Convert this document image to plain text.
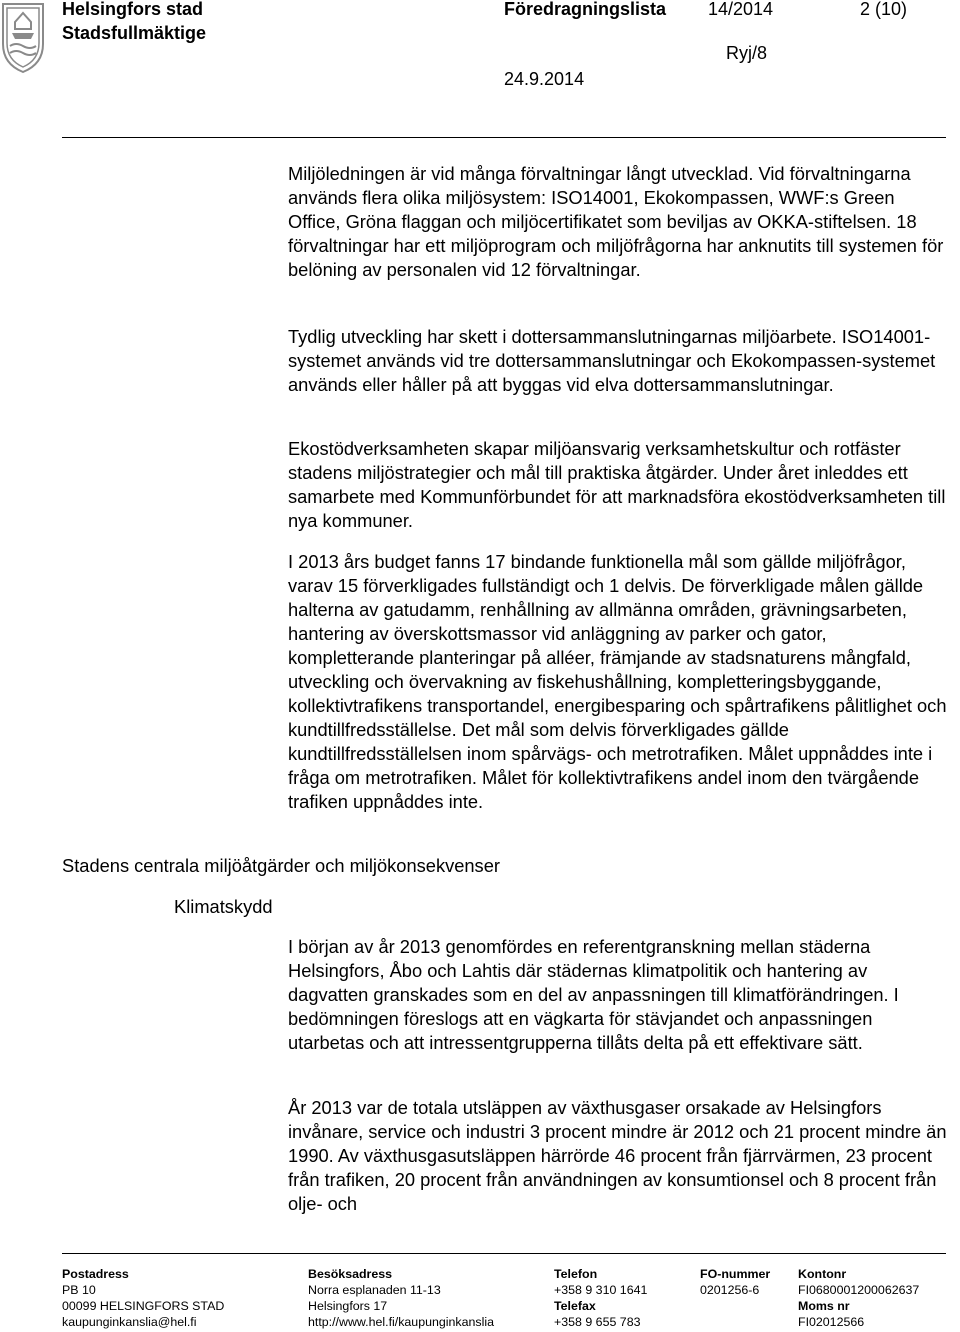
Helsingfors stad
Stadsfullmäktige
Föredragningslista 14/2014	2 (10)
Ryj/8
24.9.2014

Miljöledningen är vid många förvaltningar långt utvecklad. Vid förvaltningarna används flera olika miljösystem: ISO14001, Ekokompassen, WWF:s Green Office, Gröna flaggan och miljöcertifikatet som beviljas av OKKA-stiftelsen. 18 förvaltningar har ett miljöprogram och miljöfrågorna har anknutits till systemen för belöning av personalen vid 12 förvaltningar.

Tydlig utveckling har skett i dottersammanslutningarnas miljöarbete. ISO14001-systemet används vid tre dottersammanslutningar och Ekokompassen-systemet används eller håller på att byggas vid elva dottersammanslutningar.

Ekostödverksamheten skapar miljöansvarig verksamhetskultur och rotfäster stadens miljöstrategier och mål till praktiska åtgärder. Under året inleddes ett samarbete med Kommunförbundet för att marknadsföra ekostödverksamheten till nya kommuner.

I 2013 års budget fanns 17 bindande funktionella mål som gällde miljöfrågor, varav 15 förverkligades fullständigt och 1 delvis. De förverkligade målen gällde halterna av gatudamm, renhållning av allmänna områden, grävningsarbeten, hantering av överskottsmassor vid anläggning av parker och gator, kompletterande planteringar på alléer, främjande av stadsnaturens mångfald, utveckling och övervakning av fiskehushållning, kompletteringsbyggande, kollektivtrafikens transportandel, energibesparing och spårtrafikens pålitlighet och kundtillfredsställelse. Det mål som delvis förverkligades gällde kundtillfredsställelsen inom spårvägs- och metrotrafiken. Målet uppnåddes inte i fråga om metrotrafiken. Målet för kollektivtrafikens andel inom den tvärgående trafiken uppnåddes inte.

Stadens centrala miljöåtgärder och miljökonsekvenser
Klimatskydd

I början av år 2013 genomfördes en referentgranskning mellan städerna Helsingfors, Åbo och Lahtis där städernas klimatpolitik och hantering av dagvatten granskades som en del av anpassningen till klimatförändringen. I bedömningen föreslogs att en vägkarta för stävjandet och anpassningen utarbetas och att intressentgrupperna tillåts delta på ett effektivare sätt.

År 2013 var de totala utsläppen av växthusgaser orsakade av Helsingfors invånare, service och industri 3 procent mindre är 2012 och 21 procent mindre än 1990. Av växthusgasutsläppen härrörde 46 procent från fjärrvärmen, 23 procent från trafiken, 20 procent från användningen av konsumtionsel och 8 procent från olje- och

Postadress
PB 10
00099 HELSINGFORS STAD
kaupunginkanslia@hel.fi
Besöksadress
Norra esplanaden 11-13
Helsingfors 17
http://www.hel.fi/kaupunginkanslia
Telefon
+358 9 310 1641
Telefax
+358 9 655 783
FO-nummer
0201256-6
Kontonr
FI0680001200062637
Moms nr
FI02012566
